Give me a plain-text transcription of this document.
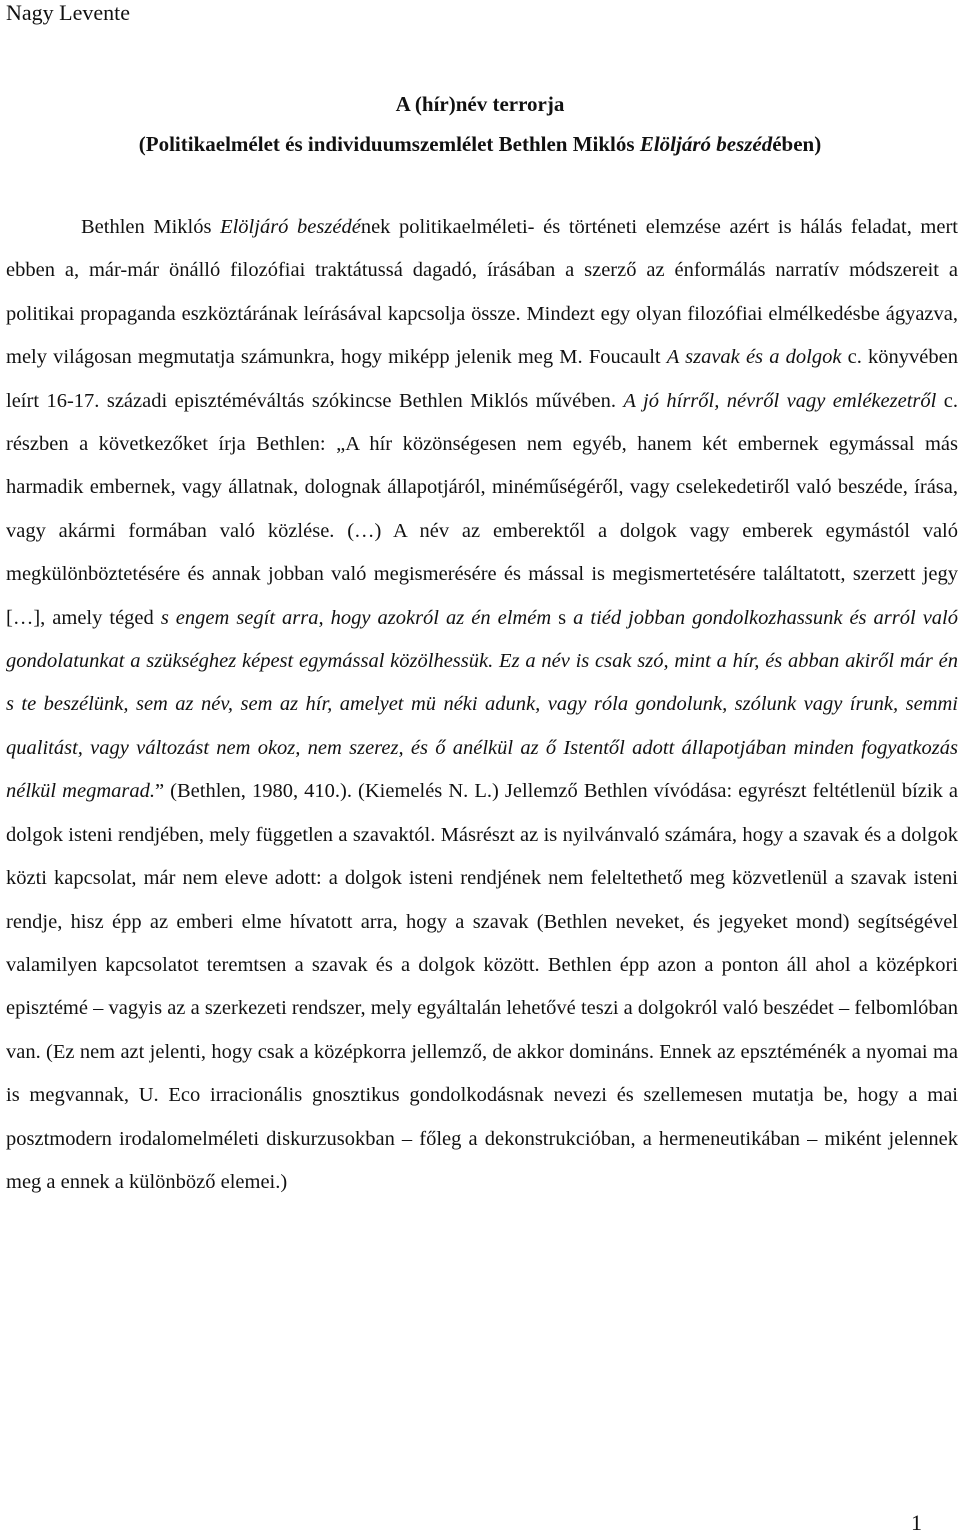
Nagy Levente
A (hír)név terrorja
(Politikaelmélet és individuumszemlélet Bethlen Miklós Elöljáró beszédében)

Bethlen Miklós Elöljáró beszédének politikaelméleti- és történeti elemzése azért is hálás feladat, mert ebben a, már-már önálló filozófiai traktátussá dagadó, írásában a szerző az énformálás narratív módszereit a politikai propaganda eszköztárának leírásával kapcsolja össze. Mindezt egy olyan filozófiai elmélkedésbe ágyazva, mely világosan megmutatja számunkra, hogy miképp jelenik meg M. Foucault A szavak és a dolgok c. könyvében leírt 16-17. századi episztéméváltás szókincse Bethlen Miklós művében. A jó hírről, névről vagy emlékezetről c. részben a következőket írja Bethlen: „A hír közönségesen nem egyéb, hanem két embernek egymással más harmadik embernek, vagy állatnak, dolognak állapotjáról, minéműségéről, vagy cselekedetiről való beszéde, írása, vagy akármi formában való közlése. (…) A név az emberektől a dolgok vagy emberek egymástól való megkülönböztetésére és annak jobban való megismerésére és mással is megismertetésére találtatott, szerzett jegy […], amely téged s engem segít arra, hogy azokról az én elmém s a tiéd jobban gondolkozhassunk és arról való gondolatunkat a szükséghez képest egymással közölhessük. Ez a név is csak szó, mint a hír, és abban akiről már én s te beszélünk, sem az név, sem az hír, amelyet mü néki adunk, vagy róla gondolunk, szólunk vagy írunk, semmi qualitást, vagy változást nem okoz, nem szerez, és ő anélkül az ő Istentől adott állapotjában minden fogyatkozás nélkül megmarad.” (Bethlen, 1980, 410.). (Kiemelés N. L.) Jellemző Bethlen vívódása: egyrészt feltétlenül bízik a dolgok isteni rendjében, mely független a szavaktól. Másrészt az is nyilvánvaló számára, hogy a szavak és a dolgok közti kapcsolat, már nem eleve adott: a dolgok isteni rendjének nem feleltethető meg közvetlenül a szavak isteni rendje, hisz épp az emberi elme hívatott arra, hogy a szavak (Bethlen neveket, és jegyeket mond) segítségével valamilyen kapcsolatot teremtsen a szavak és a dolgok között. Bethlen épp azon a ponton áll ahol a középkori episztémé – vagyis az a szerkezeti rendszer, mely egyáltalán lehetővé teszi a dolgokról való beszédet – felbomlóban van. (Ez nem azt jelenti, hogy csak a középkorra jellemző, de akkor domináns. Ennek az epsztéménék a nyomai ma is megvannak, U. Eco irracionális gnosztikus gondolkodásnak nevezi és szellemesen mutatja be, hogy a mai posztmodern irodalomelméleti diskurzusokban – főleg a dekonstrukcióban, a hermeneutikában – miként jelennek meg a ennek a különböző elemei.)

1
